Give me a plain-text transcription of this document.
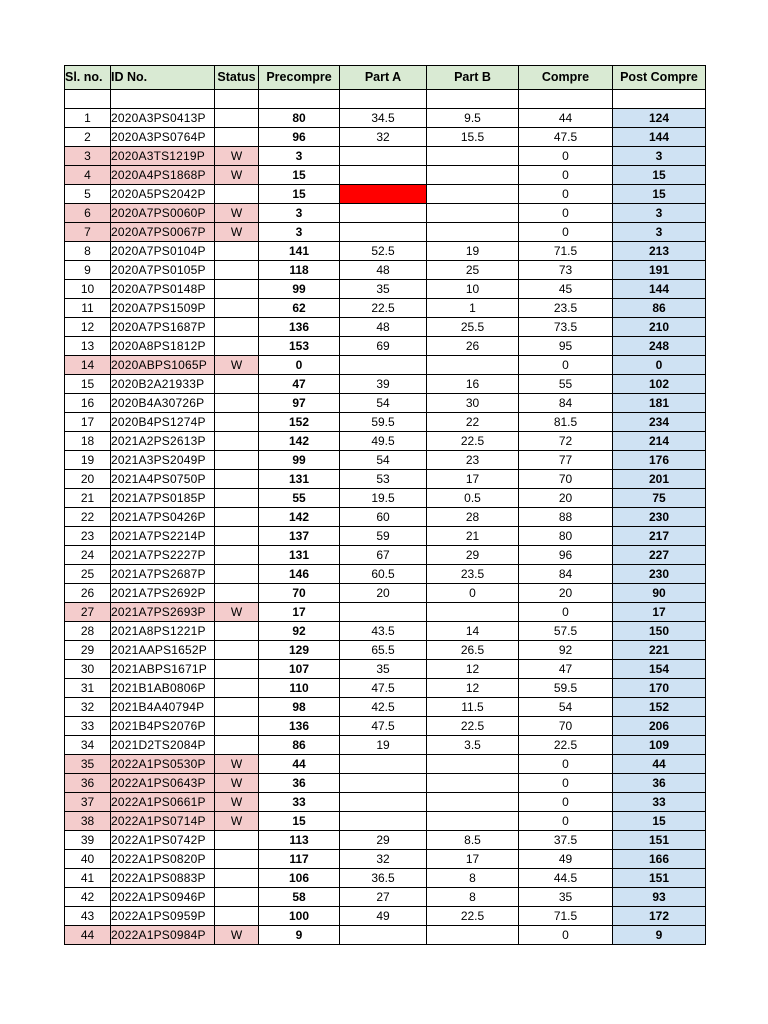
Sl. no.	ID No.	Status	Precompre	Part A	Part B	Compre	Post Compre

1	2020A3PS0413P		80	34.5	9.5	44	124
2	2020A3PS0764P		96	32	15.5	47.5	144
3	2020A3TS1219P	W	3			0	3
4	2020A4PS1868P	W	15			0	15
5	2020A5PS2042P		15			0	15
6	2020A7PS0060P	W	3			0	3
7	2020A7PS0067P	W	3			0	3
8	2020A7PS0104P		141	52.5	19	71.5	213
9	2020A7PS0105P		118	48	25	73	191
10	2020A7PS0148P		99	35	10	45	144
11	2020A7PS1509P		62	22.5	1	23.5	86
12	2020A7PS1687P		136	48	25.5	73.5	210
13	2020A8PS1812P		153	69	26	95	248
14	2020ABPS1065P	W	0			0	0
15	2020B2A21933P		47	39	16	55	102
16	2020B4A30726P		97	54	30	84	181
17	2020B4PS1274P		152	59.5	22	81.5	234
18	2021A2PS2613P		142	49.5	22.5	72	214
19	2021A3PS2049P		99	54	23	77	176
20	2021A4PS0750P		131	53	17	70	201
21	2021A7PS0185P		55	19.5	0.5	20	75
22	2021A7PS0426P		142	60	28	88	230
23	2021A7PS2214P		137	59	21	80	217
24	2021A7PS2227P		131	67	29	96	227
25	2021A7PS2687P		146	60.5	23.5	84	230
26	2021A7PS2692P		70	20	0	20	90
27	2021A7PS2693P	W	17			0	17
28	2021A8PS1221P		92	43.5	14	57.5	150
29	2021AAPS1652P		129	65.5	26.5	92	221
30	2021ABPS1671P		107	35	12	47	154
31	2021B1AB0806P		110	47.5	12	59.5	170
32	2021B4A40794P		98	42.5	11.5	54	152
33	2021B4PS2076P		136	47.5	22.5	70	206
34	2021D2TS2084P		86	19	3.5	22.5	109
35	2022A1PS0530P	W	44			0	44
36	2022A1PS0643P	W	36			0	36
37	2022A1PS0661P	W	33			0	33
38	2022A1PS0714P	W	15			0	15
39	2022A1PS0742P		113	29	8.5	37.5	151
40	2022A1PS0820P		117	32	17	49	166
41	2022A1PS0883P		106	36.5	8	44.5	151
42	2022A1PS0946P		58	27	8	35	93
43	2022A1PS0959P		100	49	22.5	71.5	172
44	2022A1PS0984P	W	9			0	9
